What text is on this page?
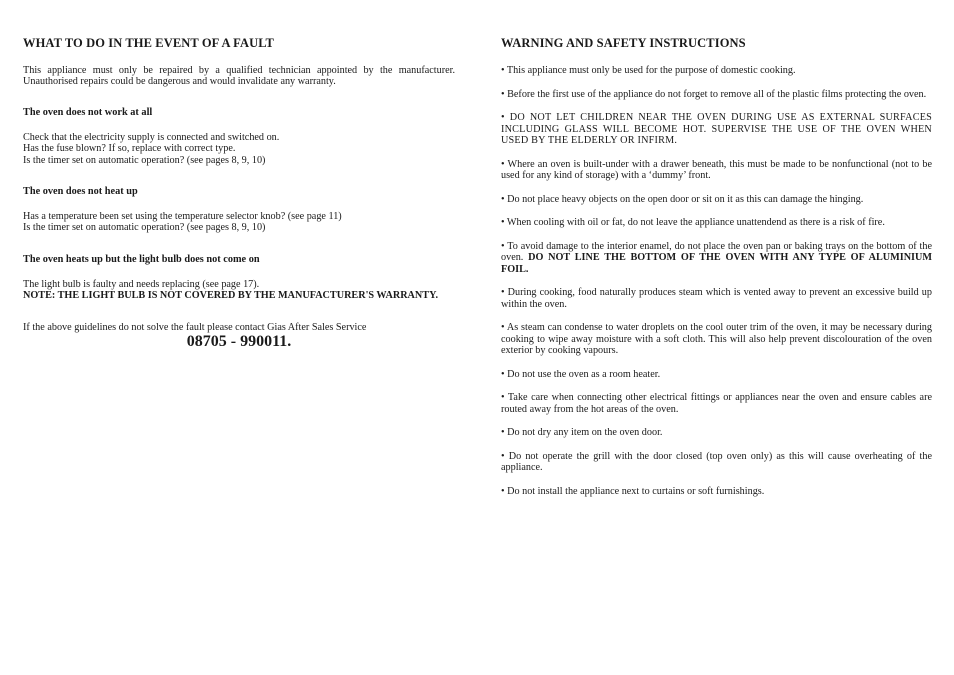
WHAT TO DO IN THE EVENT OF A FAULT

This appliance must only be repaired by a qualified technician appointed by the manufacturer. Unauthorised repairs could be dangerous and would invalidate any warranty.

The oven does not work at all

Check that the electricity supply is connected and switched on.

Has the fuse blown? If so, replace with correct type.

Is the timer set on automatic operation? (see pages 8, 9, 10)

The oven does not heat up

Has a temperature been set using the temperature selector knob? (see page 11)

Is the timer set on automatic operation? (see pages 8, 9, 10)

The oven heats up but the light bulb does not come on

The light bulb is faulty and needs replacing (see page 17).

NOTE: THE LIGHT BULB IS NOT COVERED BY THE MANUFACTURER'S WARRANTY.

If the above guidelines do not solve the fault please contact Gias After Sales Service

08705 - 990011.
WARNING AND SAFETY INSTRUCTIONS

• This appliance must only be used for the purpose of domestic cooking.

• Before the first use of the appliance do not forget to remove all of the plastic films protecting the oven.

• DO NOT LET CHILDREN NEAR THE OVEN DURING USE AS EXTERNAL SURFACES INCLUDING GLASS WILL BECOME HOT. SUPERVISE THE USE OF THE OVEN WHEN USED BY THE ELDERLY OR INFIRM.

• Where an oven is built-under with a drawer beneath, this must be made to be nonfunctional (not to be used for any kind of storage) with a ‘dummy’ front.

• Do not place heavy objects on the open door or sit on it as this can damage the hinging.

• When cooling with oil or fat, do not leave the appliance unattendend as there is a risk of fire.

• To avoid damage to the interior enamel, do not place the oven pan or baking trays on the bottom of the oven. DO NOT LINE THE BOTTOM OF THE OVEN WITH ANY TYPE OF ALUMINIUM FOIL.

• During cooking, food naturally produces steam which is vented away to prevent an excessive build up within the oven.

• As steam can condense to water droplets on the cool outer trim of the oven, it may be necessary during cooking to wipe away moisture with a soft cloth. This will also help prevent discolouration of the oven exterior by cooking vapours.

• Do not use the oven as a room heater.

• Take care when connecting other electrical fittings or appliances near the oven and ensure cables are routed away from the hot areas of the oven.

• Do not dry any item on the oven door.

• Do not operate the grill with the door closed (top oven only) as this will cause overheating of the appliance.

• Do not install the appliance next to curtains or soft furnishings.
